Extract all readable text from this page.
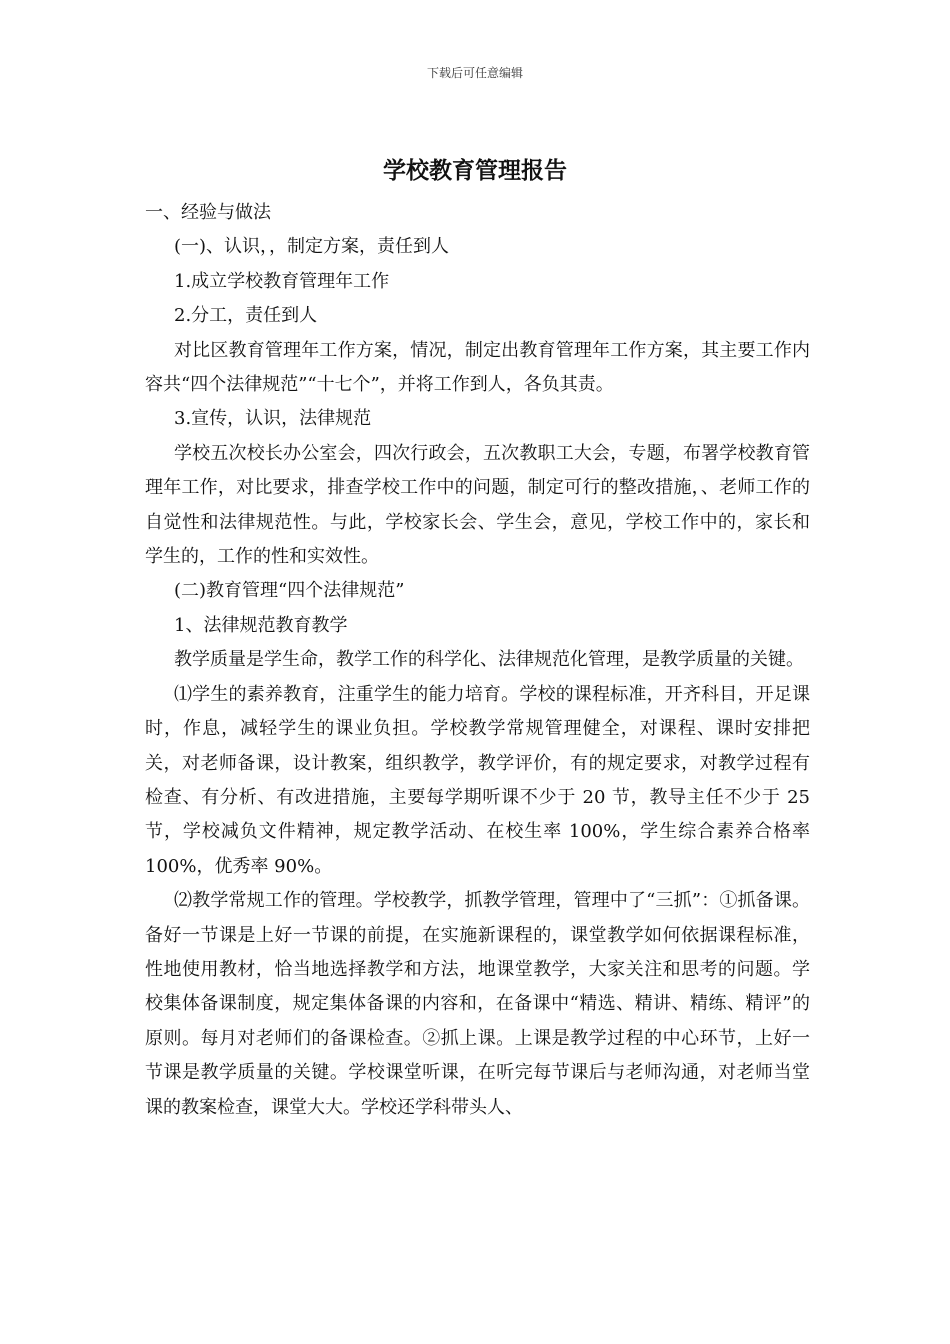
下载后可任意编辑
学校教育管理报告

一、经验与做法

(一)、认识，，制定方案，责任到人

1.成立学校教育管理年工作

2.分工，责任到人

对比区教育管理年工作方案，情况，制定出教育管理年工作方案，其主要工作内容共“四个法律规范”“十七个”，并将工作到人，各负其责。

3.宣传，认识，法律规范

学校五次校长办公室会，四次行政会，五次教职工大会，专题，布署学校教育管理年工作，对比要求，排查学校工作中的问题，制定可行的整改措施，、老师工作的自觉性和法律规范性。与此，学校家长会、学生会，意见，学校工作中的，家长和学生的，工作的性和实效性。

(二)教育管理“四个法律规范”

1、法律规范教育教学

教学质量是学生命，教学工作的科学化、法律规范化管理，是教学质量的关键。

⑴学生的素养教育，注重学生的能力培育。学校的课程标准，开齐科目，开足课时，作息，减轻学生的课业负担。学校教学常规管理健全，对课程、课时安排把关，对老师备课，设计教案，组织教学，教学评价，有的规定要求，对教学过程有检查、有分析、有改进措施，主要每学期听课不少于 20 节，教导主任不少于 25 节，学校减负文件精神，规定教学活动、在校生率 100%，学生综合素养合格率 100%，优秀率 90%。

⑵教学常规工作的管理。学校教学，抓教学管理，管理中了“三抓”：①抓备课。备好一节课是上好一节课的前提，在实施新课程的，课堂教学如何依据课程标准，性地使用教材，恰当地选择教学和方法，地课堂教学，大家关注和思考的问题。学校集体备课制度，规定集体备课的内容和，在备课中“精选、精讲、精练、精评”的原则。每月对老师们的备课检查。②抓上课。上课是教学过程的中心环节，上好一节课是教学质量的关键。学校课堂听课，在听完每节课后与老师沟通，对老师当堂课的教案检查，课堂大大。学校还学科带头人、
